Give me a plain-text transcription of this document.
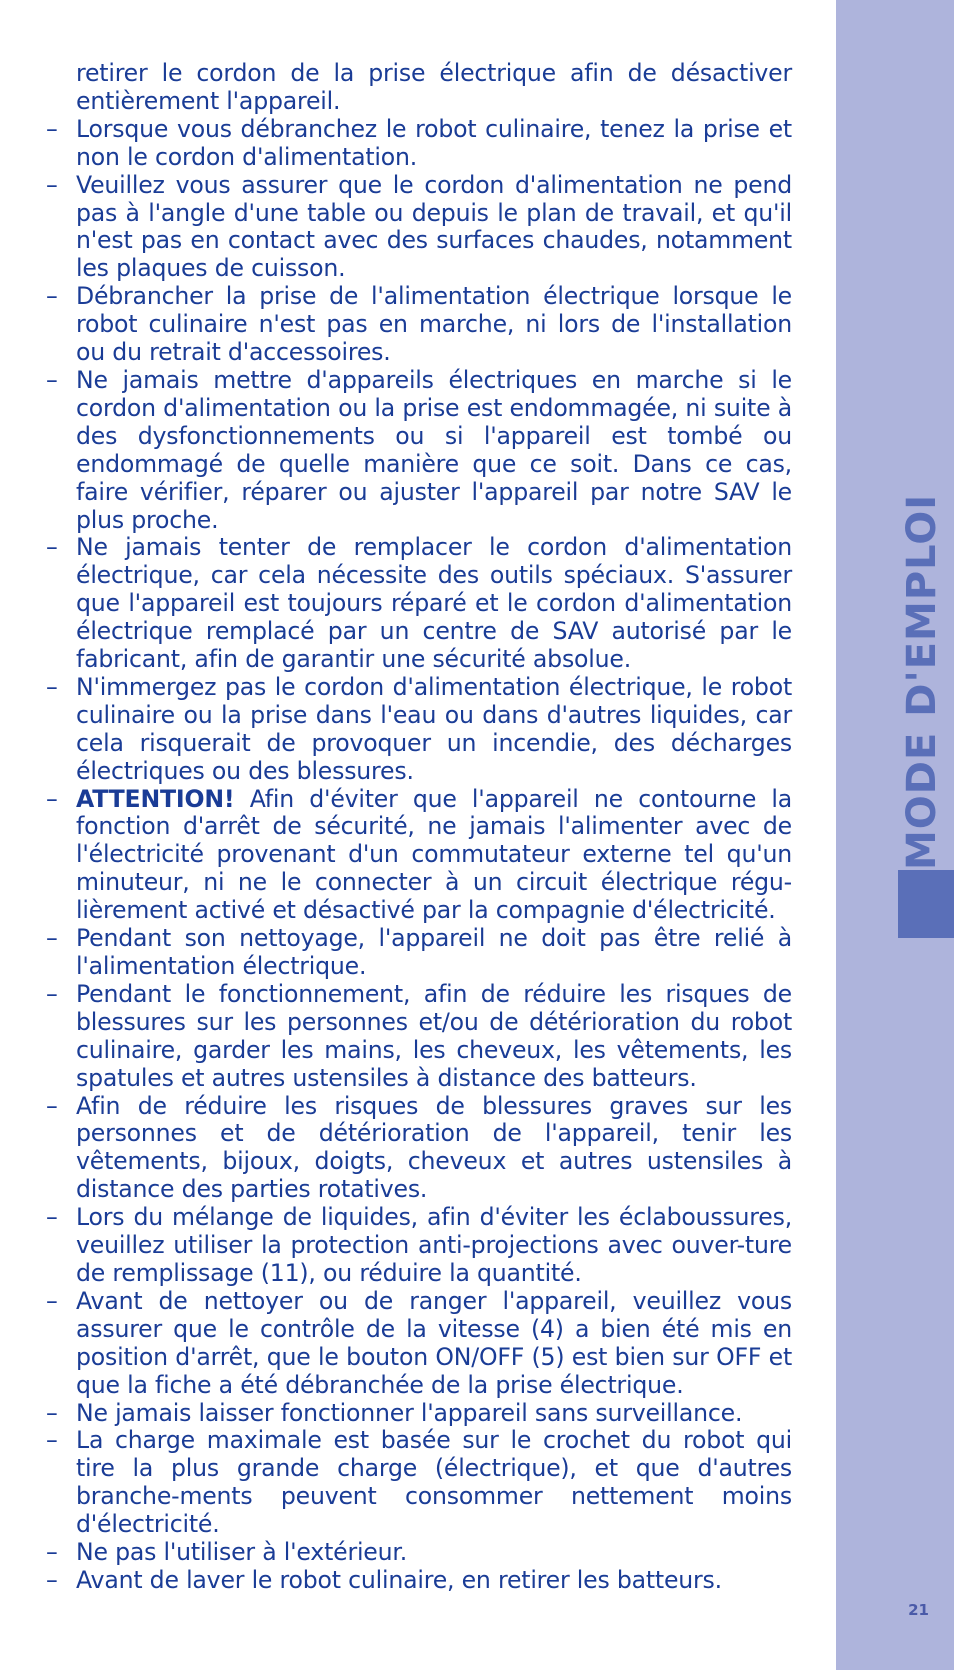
retirer le cordon de la prise électrique afin de désactiver entièrement l'appareil.

– Lorsque vous débranchez le robot culinaire, tenez la prise et non le cordon d'alimentation.
– Veuillez vous assurer que le cordon d'alimentation ne pend pas à l'angle d'une table ou depuis le plan de travail, et qu'il n'est pas en contact avec des surfaces chaudes, notamment les plaques de cuisson.
– Débrancher la prise de l'alimentation électrique lorsque le robot culinaire n'est pas en marche, ni lors de l'installation ou du retrait d'accessoires.
– Ne jamais mettre d'appareils électriques en marche si le cordon d'alimentation ou la prise est endommagée, ni suite à des dysfonctionnements ou si l'appareil est tombé ou endommagé de quelle manière que ce soit. Dans ce cas, faire vérifier, réparer ou ajuster l'appareil par notre SAV le plus proche.
– Ne jamais tenter de remplacer le cordon d'alimentation électrique, car cela nécessite des outils spéciaux. S'assurer que l'appareil est toujours réparé et le cordon d'alimentation électrique remplacé par un centre de SAV autorisé par le fabricant, afin de garantir une sécurité absolue.
– N'immergez pas le cordon d'alimentation électrique, le robot culinaire ou la prise dans l'eau ou dans d'autres liquides, car cela risquerait de provoquer un incendie, des décharges électriques ou des blessures.
– ATTENTION! Afin d'éviter que l'appareil ne contourne la fonction d'arrêt de sécurité, ne jamais l'alimenter avec de l'électricité provenant d'un commutateur externe tel qu'un minuteur, ni ne le connecter à un circuit électrique régu-lièrement activé et désactivé par la compagnie d'électricité.
– Pendant son nettoyage, l'appareil ne doit pas être relié à l'alimentation électrique.
– Pendant le fonctionnement, afin de réduire les risques de blessures sur les personnes et/ou de détérioration du robot culinaire, garder les mains, les cheveux, les vêtements, les spatules et autres ustensiles à distance des batteurs.
– Afin de réduire les risques de blessures graves sur les personnes et de détérioration de l'appareil, tenir les vêtements, bijoux, doigts, cheveux et autres ustensiles à distance des parties rotatives.
– Lors du mélange de liquides, afin d'éviter les éclaboussures, veuillez utiliser la protection anti-projections avec ouver-ture de remplissage (11), ou réduire la quantité.
– Avant de nettoyer ou de ranger l'appareil, veuillez vous assurer que le contrôle de la vitesse (4) a bien été mis en position d'arrêt, que le bouton ON/OFF (5) est bien sur OFF et que la fiche a été débranchée de la prise électrique.
– Ne jamais laisser fonctionner l'appareil sans surveillance.
– La charge maximale est basée sur le crochet du robot qui tire la plus grande charge (électrique), et que d'autres branche-ments peuvent consommer nettement moins d'électricité.
– Ne pas l'utiliser à l'extérieur.
– Avant de laver le robot culinaire, en retirer les batteurs.
MODE D'EMPLOI
21
